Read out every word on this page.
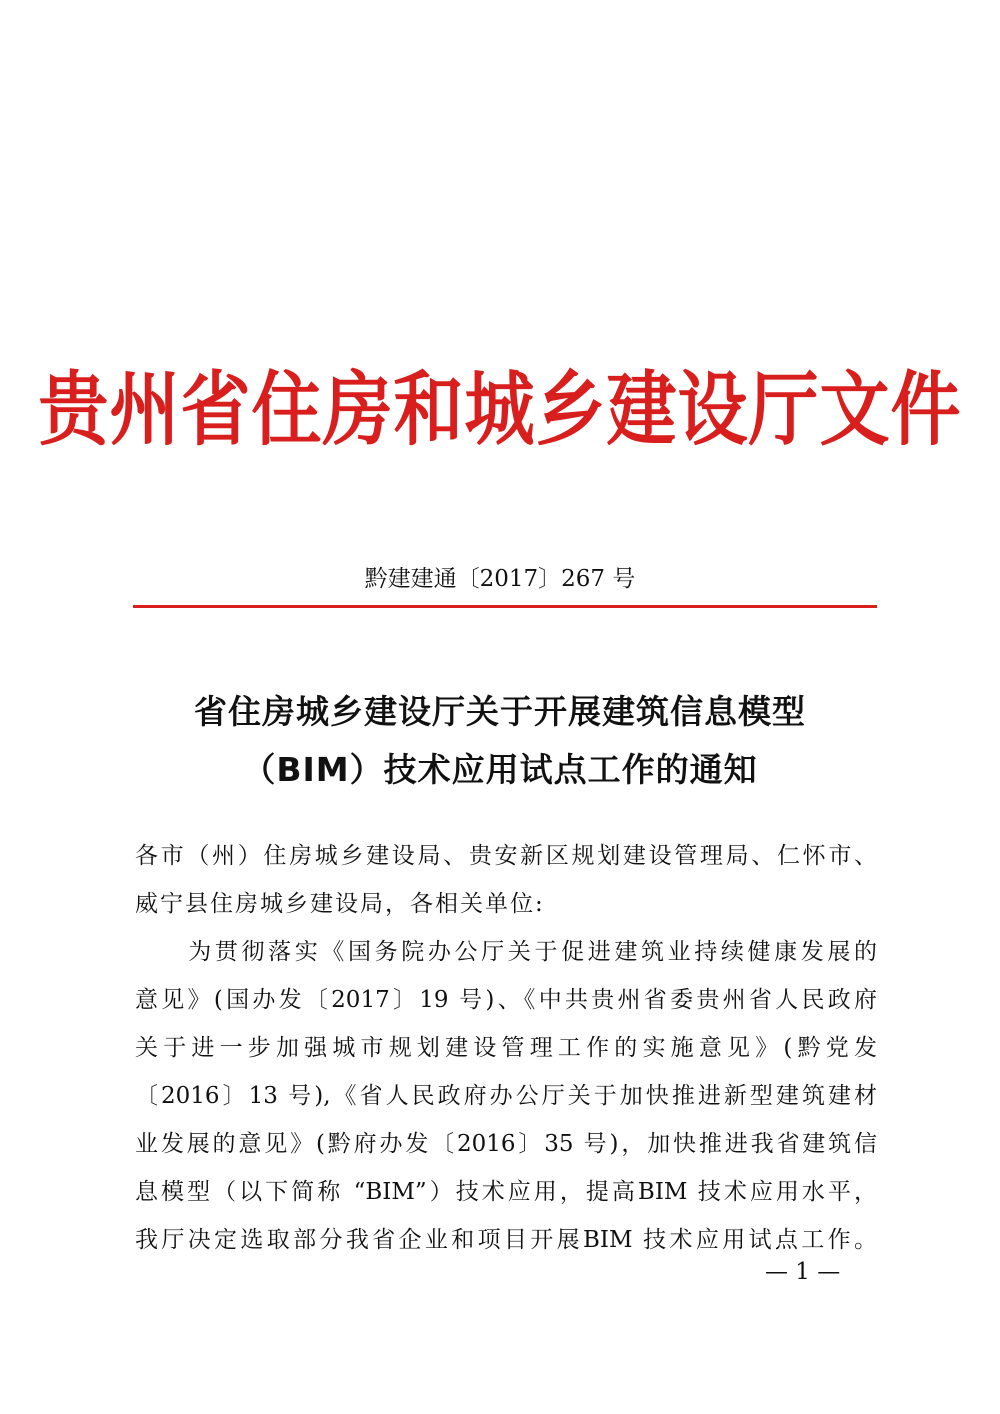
贵州省住房和城乡建设厅文件
黔建建通〔2017〕267 号
省住房城乡建设厅关于开展建筑信息模型
（BIM）技术应用试点工作的通知
各市（州）住房城乡建设局、贵安新区规划建设管理局、仁怀市、
威宁县住房城乡建设局，各相关单位:
　　为贯彻落实《国务院办公厅关于促进建筑业持续健康发展的
意见》(国办发〔2017〕19 号)、《中共贵州省委贵州省人民政府
关于进一步加强城市规划建设管理工作的实施意见》(黔党发
〔2016〕13 号),《省人民政府办公厅关于加快推进新型建筑建材
业发展的意见》(黔府办发〔2016〕35 号)，加快推进我省建筑信
息模型（以下简称 “BIM”）技术应用，提高BIM 技术应用水平，
我厅决定选取部分我省企业和项目开展BIM 技术应用试点工作。
— 1 —
